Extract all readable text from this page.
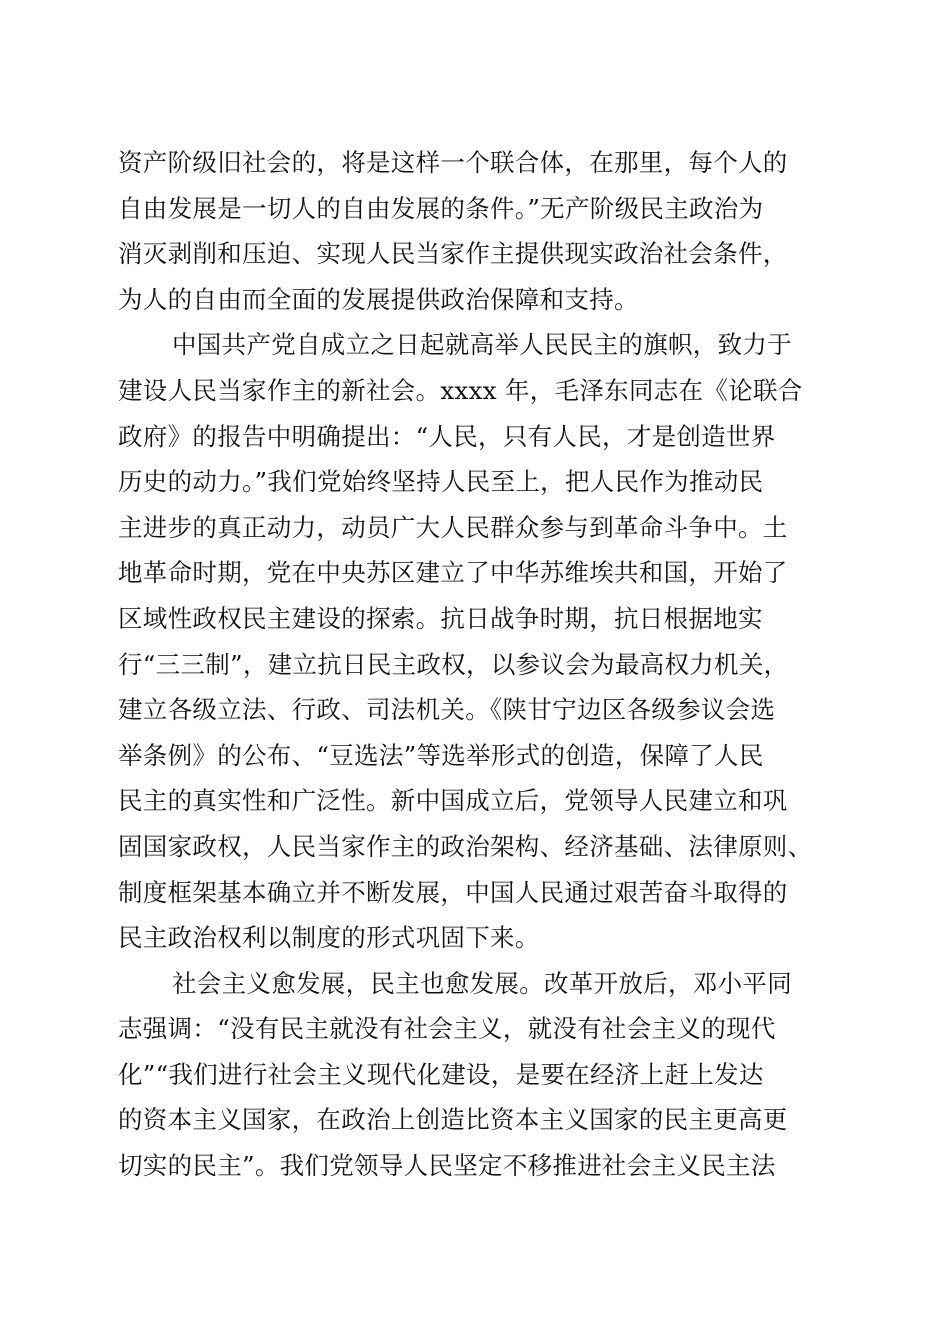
资产阶级旧社会的，将是这样一个联合体，在那里，每个人的
自由发展是一切人的自由发展的条件。”无产阶级民主政治为
消灭剥削和压迫、实现人民当家作主提供现实政治社会条件，
为人的自由而全面的发展提供政治保障和支持。
中国共产党自成立之日起就高举人民民主的旗帜，致力于
建设人民当家作主的新社会。xxxx 年，毛泽东同志在《论联合
政府》的报告中明确提出：“人民，只有人民，才是创造世界
历史的动力。”我们党始终坚持人民至上，把人民作为推动民
主进步的真正动力，动员广大人民群众参与到革命斗争中。土
地革命时期，党在中央苏区建立了中华苏维埃共和国，开始了
区域性政权民主建设的探索。抗日战争时期，抗日根据地实
行“三三制”，建立抗日民主政权，以参议会为最高权力机关，
建立各级立法、行政、司法机关。《陕甘宁边区各级参议会选
举条例》的公布、“豆选法”等选举形式的创造，保障了人民
民主的真实性和广泛性。新中国成立后，党领导人民建立和巩
固国家政权，人民当家作主的政治架构、经济基础、法律原则、
制度框架基本确立并不断发展，中国人民通过艰苦奋斗取得的
民主政治权利以制度的形式巩固下来。
社会主义愈发展，民主也愈发展。改革开放后，邓小平同
志强调：“没有民主就没有社会主义，就没有社会主义的现代
化”“我们进行社会主义现代化建设，是要在经济上赶上发达
的资本主义国家，在政治上创造比资本主义国家的民主更高更
切实的民主”。我们党领导人民坚定不移推进社会主义民主法
